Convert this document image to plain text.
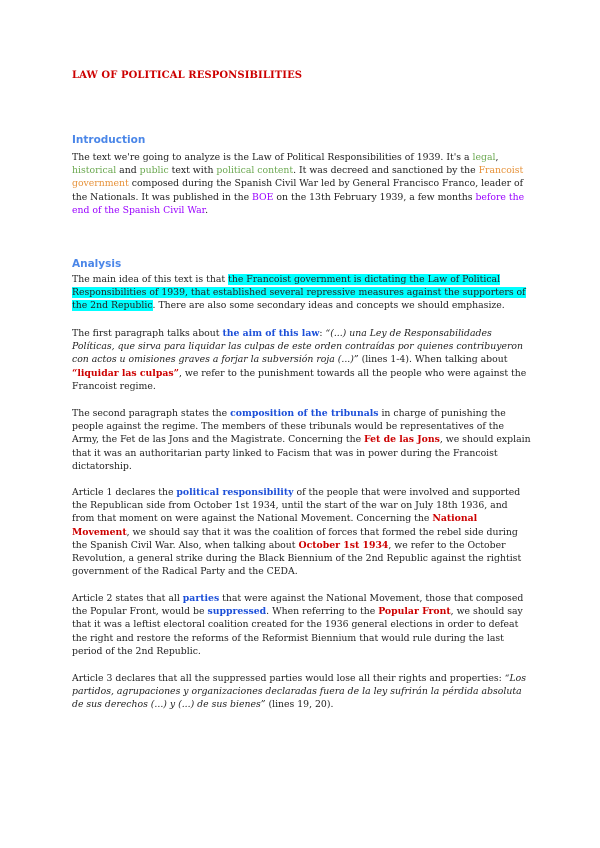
LAW OF POLITICAL RESPONSIBILITIES
Introduction

The text we're going to analyze is the Law of Political Responsibilities of 1939. It's a legal, historical and public text with political content. It was decreed and sanctioned by the Francoist government composed during the Spanish Civil War led by General Francisco Franco, leader of the Nationals. It was published in the BOE on the 13th February 1939, a few months before the end of the Spanish Civil War.

Analysis

The main idea of this text is that the Francoist government is dictating the Law of Political Responsibilities of 1939, that established several repressive measures against the supporters of the 2nd Republic. There are also some secondary ideas and concepts we should emphasize.

The first paragraph talks about the aim of this law: “(...) una Ley de Responsabilidades Políticas, que sirva para liquidar las culpas de este orden contraídas por quienes contribuyeron con actos u omisiones graves a forjar la subversión roja (...)” (lines 1-4). When talking about “liquidar las culpas”, we refer to the punishment towards all the people who were against the Francoist regime.

The second paragraph states the composition of the tribunals in charge of punishing the people against the regime. The members of these tribunals would be representatives of the Army, the Fet de las Jons and the Magistrate. Concerning the Fet de las Jons, we should explain that it was an authoritarian party linked to Facism that was in power during the Francoist dictatorship.

Article 1 declares the political responsibility of the people that were involved and supported the Republican side from October 1st 1934, until the start of the war on July 18th 1936, and from that moment on were against the National Movement. Concerning the National Movement, we should say that it was the coalition of forces that formed the rebel side during the Spanish Civil War. Also, when talking about October 1st 1934, we refer to the October Revolution, a general strike during the Black Biennium of the 2nd Republic against the rightist government of the Radical Party and the CEDA.

Article 2 states that all parties that were against the National Movement, those that composed the Popular Front, would be suppressed. When referring to the Popular Front, we should say that it was a leftist electoral coalition created for the 1936 general elections in order to defeat the right and restore the reforms of the Reformist Biennium that would rule during the last period of the 2nd Republic.

Article 3 declares that all the suppressed parties would lose all their rights and properties: “Los partidos, agrupaciones y organizaciones declaradas fuera de la ley sufrirán la pérdida absoluta de sus derechos (...) y (...) de sus bienes” (lines 19, 20).
